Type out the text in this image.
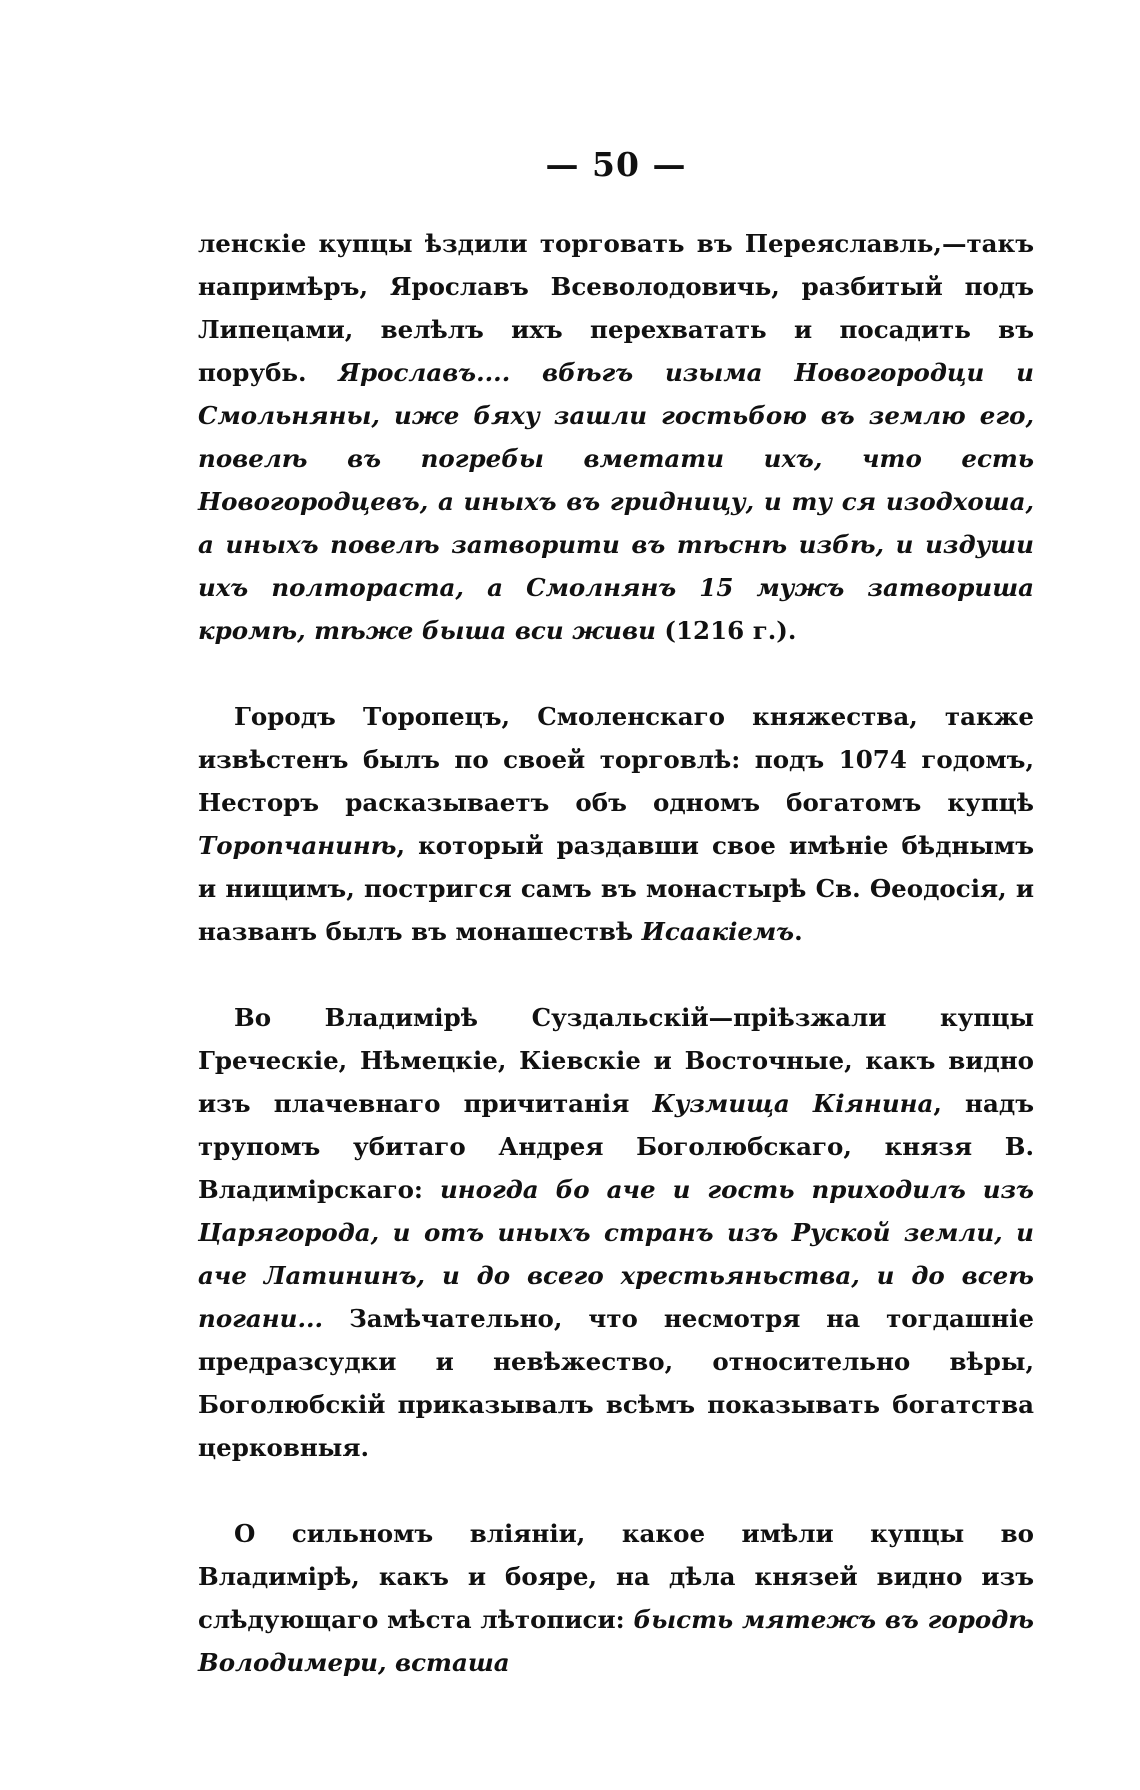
— 50 —

ленскіе купцы ѣздили торговать въ Переяславль,—такъ напримѣръ, Ярославъ Всеволодовичь, разбитый подъ Липецами, велѣлъ ихъ перехватать и посадить въ порубь. Ярославъ.... вбѣгъ изыма Новогородци и Смольняны, иже бяху зашли гостьбою въ землю его, повелѣ въ погребы вметати ихъ, что есть Новогородцевъ, а иныхъ въ гридницу, и ту ся изодхоша, а иныхъ повелѣ затворити въ тѣснѣ избѣ, и издуши ихъ полтораста, а Смолнянъ 15 мужъ затвориша кромѣ, тѣже быша вси живи (1216 г.).

Городъ Торопецъ, Смоленскаго княжества, также извѣстенъ былъ по своей торговлѣ: подъ 1074 годомъ, Несторъ расказываетъ объ одномъ богатомъ купцѣ Торопчанинѣ, который раздавши свое имѣніе бѣднымъ и нищимъ, постригся самъ въ монастырѣ Св. Ѳеодосія, и названъ былъ въ монашествѣ Исаакіемъ.

Во Владимірѣ Суздальскій—пріѣзжали купцы Греческіе, Нѣмецкіе, Кіевскіе и Восточные, какъ видно изъ плачевнаго причитанія Кузмища Кіянина, надъ трупомъ убитаго Андрея Боголюбскаго, князя В. Владимірскаго: иногда бо аче и гость приходилъ изъ Царягорода, и отъ иныхъ странъ изъ Руской земли, и аче Латининъ, и до всего хрестьяньства, и до всеѣ погани... Замѣчательно, что несмотря на тогдашніе предразсудки и невѣжество, относительно вѣры, Боголюбскій приказывалъ всѣмъ показывать богатства церковныя.

О сильномъ вліяніи, какое имѣли купцы во Владимірѣ, какъ и бояре, на дѣла князей видно изъ слѣдующаго мѣста лѣтописи: бысть мятежъ въ городѣ Володимери, всташа
